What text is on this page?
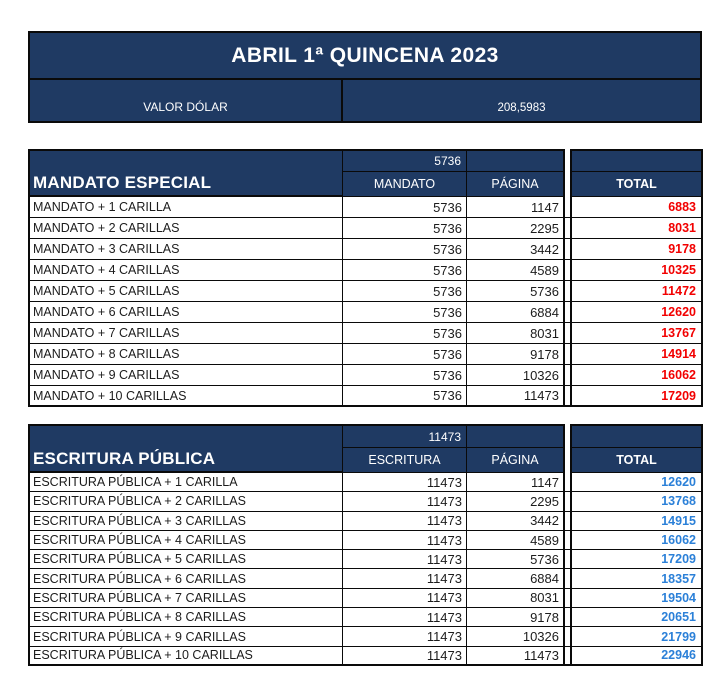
ABRIL 1ª QUINCENA 2023
VALOR DÓLAR	208,5983
MANDATO ESPECIAL
5736
MANDATO	PÁGINA	TOTAL
MANDATO + 1 CARILLA	5736	1147	6883
MANDATO + 2 CARILLAS	5736	2295	8031
MANDATO + 3 CARILLAS	5736	3442	9178
MANDATO + 4 CARILLAS	5736	4589	10325
MANDATO + 5 CARILLAS	5736	5736	11472
MANDATO + 6 CARILLAS	5736	6884	12620
MANDATO + 7 CARILLAS	5736	8031	13767
MANDATO + 8 CARILLAS	5736	9178	14914
MANDATO + 9 CARILLAS	5736	10326	16062
MANDATO + 10 CARILLAS	5736	11473	17209
ESCRITURA PÚBLICA
11473
ESCRITURA	PÁGINA	TOTAL
ESCRITURA PÚBLICA + 1 CARILLA	11473	1147	12620
ESCRITURA PÚBLICA + 2 CARILLAS	11473	2295	13768
ESCRITURA PÚBLICA + 3 CARILLAS	11473	3442	14915
ESCRITURA PÚBLICA + 4 CARILLAS	11473	4589	16062
ESCRITURA PÚBLICA + 5 CARILLAS	11473	5736	17209
ESCRITURA PÚBLICA + 6 CARILLAS	11473	6884	18357
ESCRITURA PÚBLICA + 7 CARILLAS	11473	8031	19504
ESCRITURA PÚBLICA + 8 CARILLAS	11473	9178	20651
ESCRITURA PÚBLICA + 9 CARILLAS	11473	10326	21799
ESCRITURA PÚBLICA + 10 CARILLAS	11473	11473	22946
